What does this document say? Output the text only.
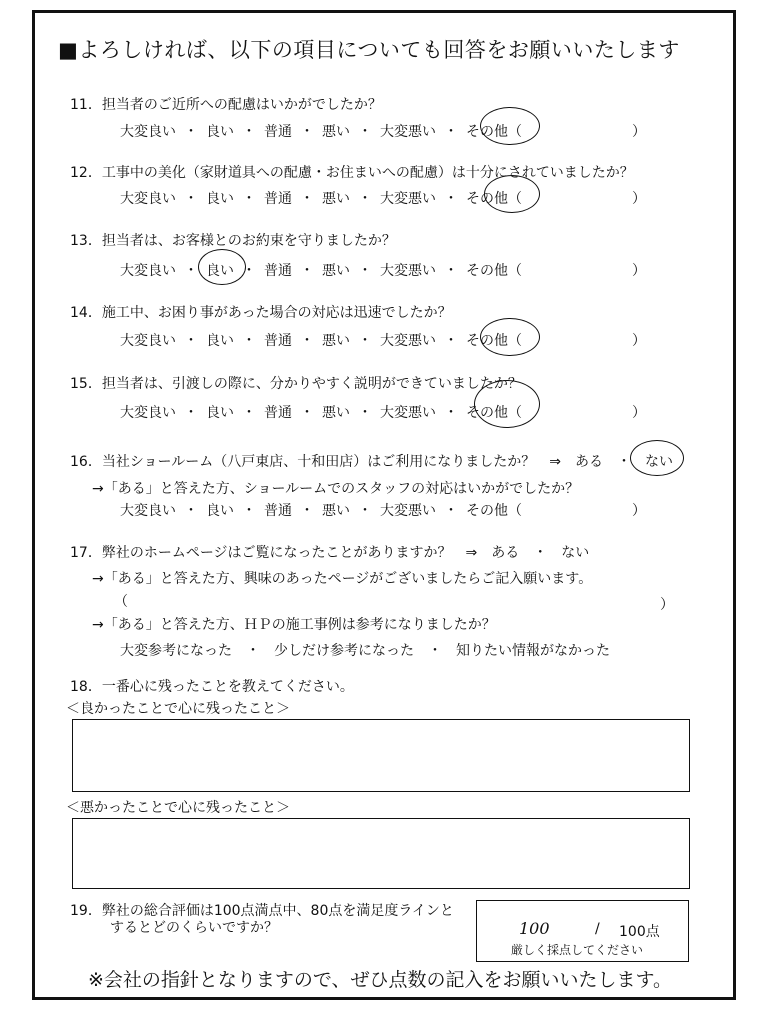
■よろしければ、以下の項目についても回答をお願いいたします
11．担当者のご近所への配慮はいかがでしたか？
大変良い ・ 良い ・ 普通 ・ 悪い ・ 大変悪い ・ その他（	）
12．工事中の美化（家財道具への配慮・お住まいへの配慮）は十分にされていましたか？
大変良い ・ 良い ・ 普通 ・ 悪い ・ 大変悪い ・ その他（	）
13．担当者は、お客様とのお約束を守りましたか？
大変良い ・ 良い ・ 普通 ・ 悪い ・ 大変悪い ・ その他（	）
14．施工中、お困り事があった場合の対応は迅速でしたか？
大変良い ・ 良い ・ 普通 ・ 悪い ・ 大変悪い ・ その他（	）
15．担当者は、引渡しの際に、分かりやすく説明ができていましたか？
大変良い ・ 良い ・ 普通 ・ 悪い ・ 大変悪い ・ その他（	）
16．当社ショールーム（八戸東店、十和田店）はご利用になりましたか？　⇒　ある　・　ない
→「ある」と答えた方、ショールームでのスタッフの対応はいかがでしたか？
大変良い ・ 良い ・ 普通 ・ 悪い ・ 大変悪い ・ その他（	）
17．弊社のホームページはご覧になったことがありますか？　⇒　ある　・　ない
→「ある」と答えた方、興味のあったページがございましたらご記入願います。
（	）
→「ある」と答えた方、ＨＰの施工事例は参考になりましたか？
大変参考になった　・　少しだけ参考になった　・　知りたい情報がなかった
18．一番心に残ったことを教えてください。
＜良かったことで心に残ったこと＞
＜悪かったことで心に残ったこと＞
19．弊社の総合評価は100点満点中、80点を満足度ラインと
するとどのくらいですか？	100	/ 100点
厳しく採点してください
※会社の指針となりますので、ぜひ点数の記入をお願いいたします。
